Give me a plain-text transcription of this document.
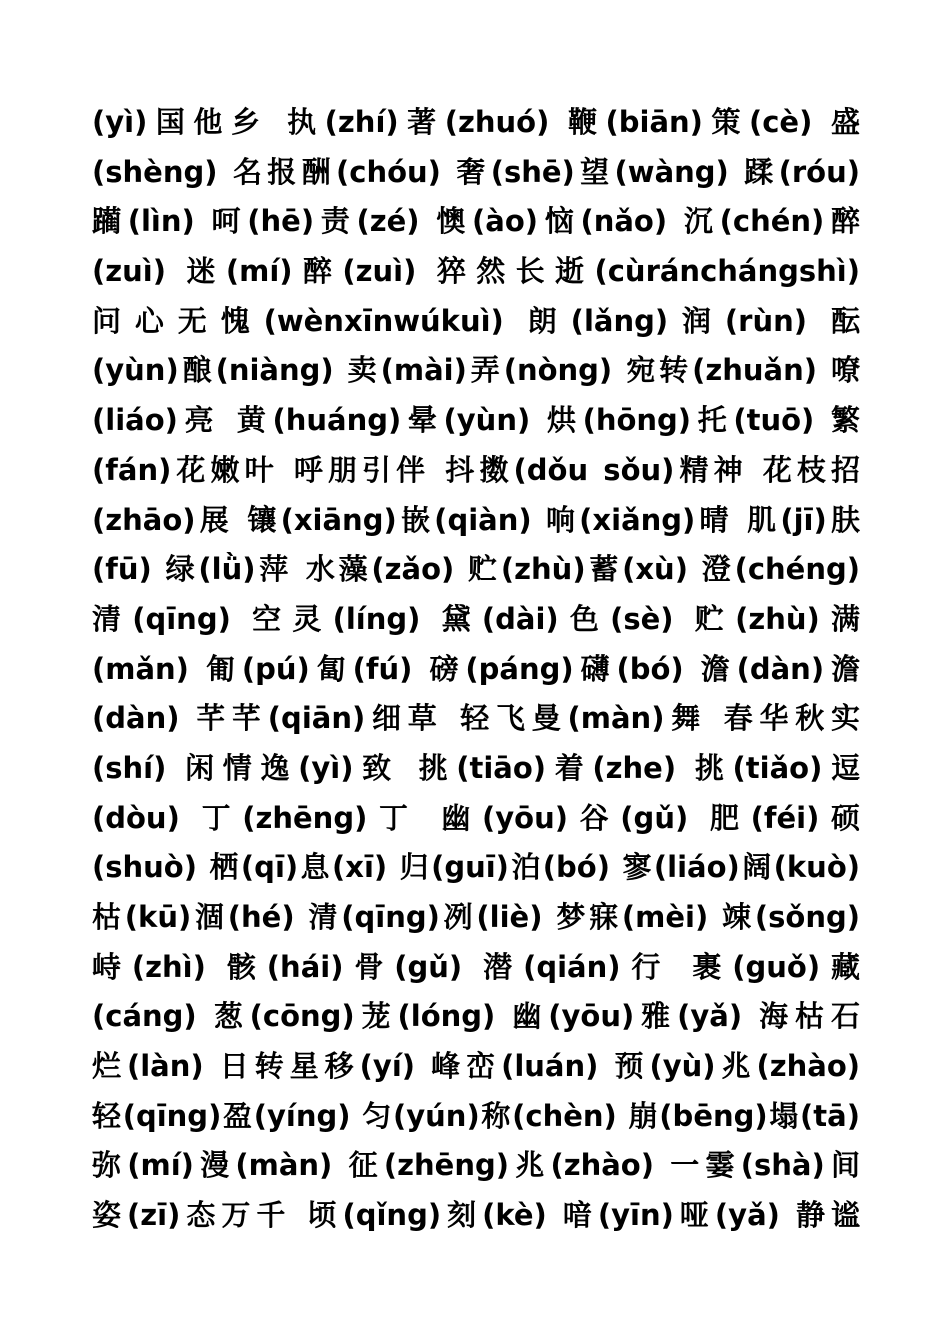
(yì)国他乡 执(zhí)著(zhuó) 鞭(biān)策(cè) 盛
(shèng) 名报酬(chóu) 奢(shē)望(wàng) 蹂(róu)
躏(lìn) 呵(hē)责(zé) 懊(ào)恼(nǎo) 沉(chén)醉
(zuì) 迷(mí)醉(zuì) 猝然长逝(cùránchángshì)
问心无愧(wènxīnwúkuì) 朗(lǎng)润(rùn) 酝
(yùn)酿(niàng) 卖(mài)弄(nòng) 宛转(zhuǎn) 嘹
(liáo)亮 黄(huáng)晕(yùn) 烘(hōng)托(tuō) 繁
(fán)花嫩叶 呼朋引伴 抖擞(dǒu sǒu)精神 花枝招
(zhāo)展 镶(xiāng)嵌(qiàn) 响(xiǎng)晴 肌(jī)肤
(fū) 绿(lǜ)萍 水藻(zǎo) 贮(zhù)蓄(xù) 澄(chéng)
清(qīng) 空灵(líng) 黛(dài)色(sè) 贮(zhù)满
(mǎn) 匍(pú)匐(fú) 磅(páng)礴(bó) 澹(dàn)澹
(dàn) 芊芊(qiān)细草 轻飞曼(màn)舞 春华秋实
(shí) 闲情逸(yì)致 挑(tiāo)着(zhe) 挑(tiǎo)逗
(dòu) 丁(zhēng)丁 幽(yōu)谷(gǔ) 肥(féi)硕
(shuò) 栖(qī)息(xī) 归(guī)泊(bó) 寥(liáo)阔(kuò)
枯(kū)涸(hé) 清(qīng)冽(liè) 梦寐(mèi) 竦(sǒng)
峙(zhì) 骸(hái)骨(gǔ) 潜(qián)行 裹(guǒ)藏
(cáng) 葱(cōng)茏(lóng) 幽(yōu)雅(yǎ) 海枯石
烂(làn) 日转星移(yí) 峰峦(luán) 预(yù)兆(zhào)
轻(qīng)盈(yíng) 匀(yún)称(chèn) 崩(bēng)塌(tā)
弥(mí)漫(màn) 征(zhēng)兆(zhào) 一霎(shà)间
姿(zī)态万千 顷(qǐng)刻(kè) 喑(yīn)哑(yǎ) 静谧
